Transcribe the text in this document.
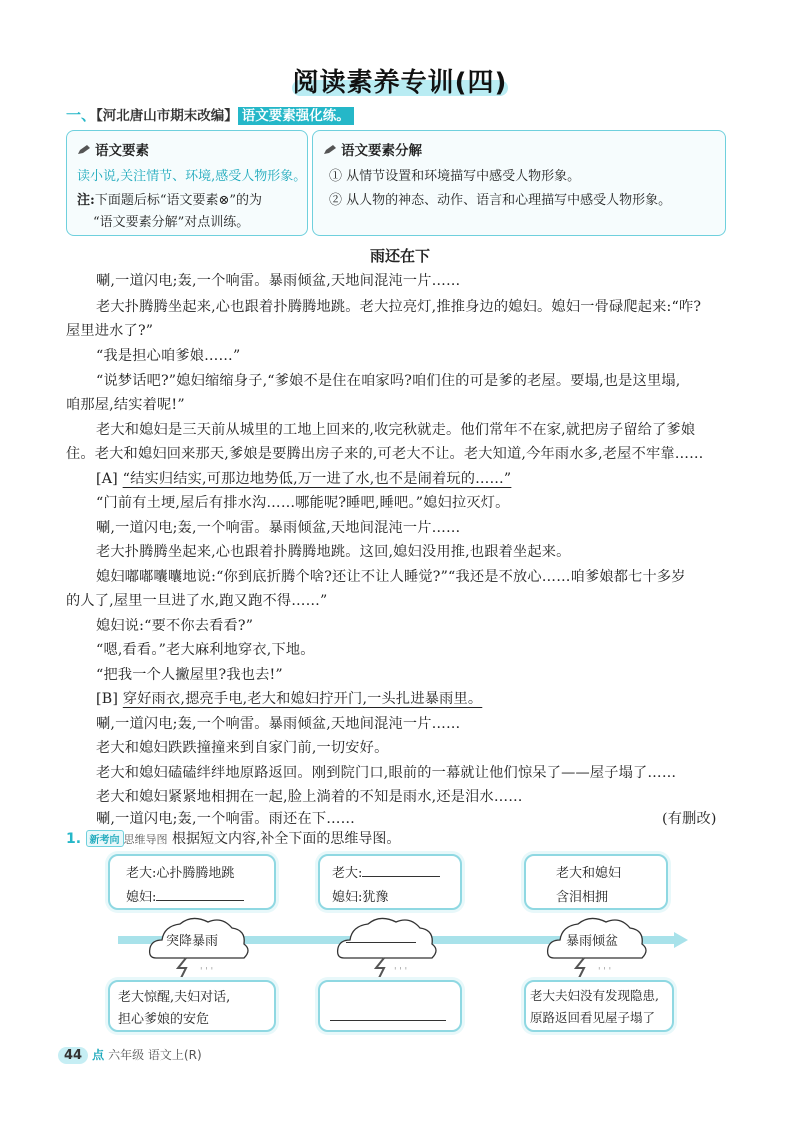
阅读素养专训(四)
一、【河北唐山市期末改编】 语文要素强化练。
语文要素
读小说,关注情节、环境,感受人物形象。
注:下面题后标“语文要素⊗”的为
“语文要素分解”对点训练。
语文要素分解
① 从情节设置和环境描写中感受人物形象。
② 从人物的神态、动作、语言和心理描写中感受人物形象。
雨还在下
唰,一道闪电;轰,一个响雷。暴雨倾盆,天地间混沌一片……
老大扑腾腾坐起来,心也跟着扑腾腾地跳。老大拉亮灯,推推身边的媳妇。媳妇一骨碌爬起来:“咋?
屋里进水了?”
“我是担心咱爹娘……”
“说梦话吧?”媳妇缩缩身子,“爹娘不是住在咱家吗?咱们住的可是爹的老屋。要塌,也是这里塌,
咱那屋,结实着呢!”
老大和媳妇是三天前从城里的工地上回来的,收完秋就走。他们常年不在家,就把房子留给了爹娘
住。老大和媳妇回来那天,爹娘是要腾出房子来的,可老大不让。老大知道,今年雨水多,老屋不牢靠……
[A] “结实归结实,可那边地势低,万一进了水,也不是闹着玩的……”
“门前有土埂,屋后有排水沟……哪能呢?睡吧,睡吧。”媳妇拉灭灯。
唰,一道闪电;轰,一个响雷。暴雨倾盆,天地间混沌一片……
老大扑腾腾坐起来,心也跟着扑腾腾地跳。这回,媳妇没用推,也跟着坐起来。
媳妇嘟嘟囔囔地说:“你到底折腾个啥?还让不让人睡觉?”“我还是不放心……咱爹娘都七十多岁
的人了,屋里一旦进了水,跑又跑不得……”
媳妇说:“要不你去看看?”
“嗯,看看。”老大麻利地穿衣,下地。
“把我一个人撇屋里?我也去!”
[B] 穿好雨衣,摁亮手电,老大和媳妇拧开门,一头扎进暴雨里。
唰,一道闪电;轰,一个响雷。暴雨倾盆,天地间混沌一片……
老大和媳妇跌跌撞撞来到自家门前,一切安好。
老大和媳妇磕磕绊绊地原路返回。刚到院门口,眼前的一幕就让他们惊呆了——屋子塌了……
老大和媳妇紧紧地相拥在一起,脸上淌着的不知是雨水,还是泪水……
唰,一道闪电;轰,一个响雷。雨还在下……	(有删改)
1. 新考向 思维导图 根据短文内容,补全下面的思维导图。
老大:心扑腾腾地跳
媳妇:
老大:
媳妇:犹豫
老大和媳妇
含泪相拥
' ' '	' ' '	' ' '
突降暴雨	暴雨倾盆
老大惊醒,夫妇对话,
担心爹娘的安危
老大夫妇没有发现隐患,
原路返回看见屋子塌了
44 点 六年级 语文上(R)
